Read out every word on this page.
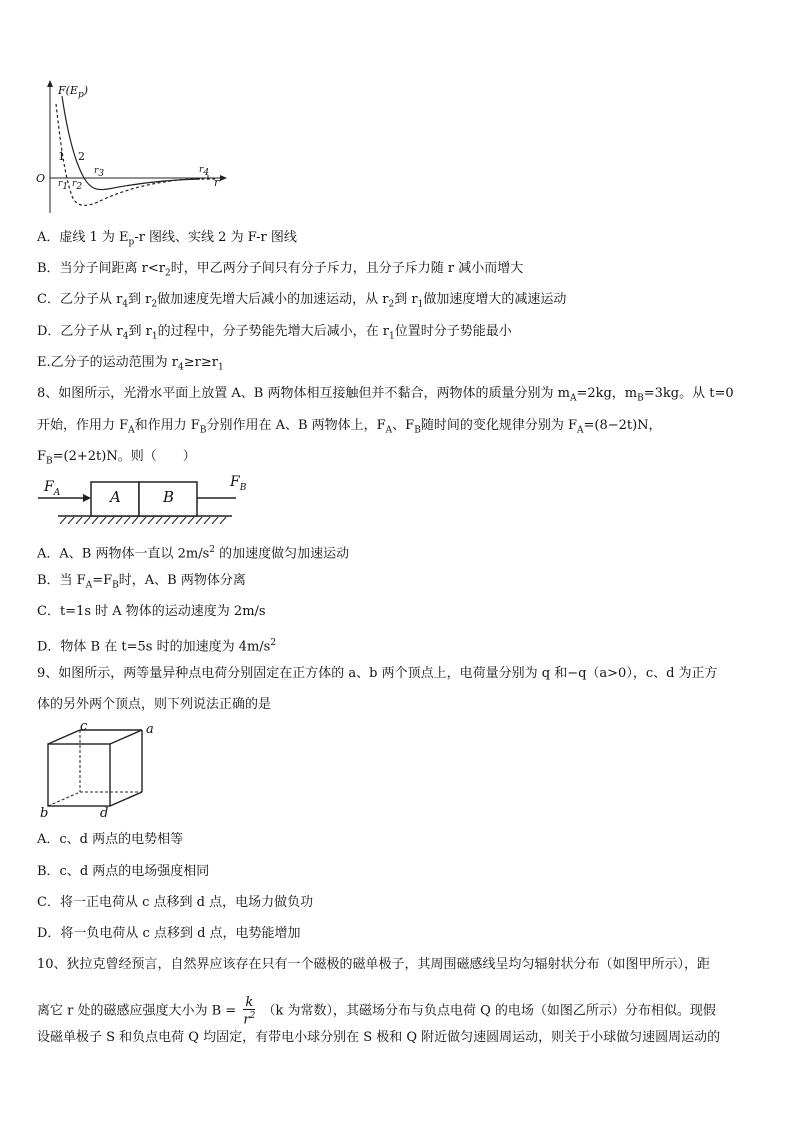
$F(E_p)$
O	r
1 2
$r_1$ $r_2$
$r_3$	$r_4$
A．虚线 1 为 $E_p-r$ 图线、实线 2 为 F-r 图线
B．当分子间距离 $r<r_2$时，甲乙两分子间只有分子斥力，且分子斥力随 r 减小而增大
C．乙分子从 $r_4$到 $r_2$做加速度先增大后减小的加速运动，从 $r_2$到 $r_1$做加速度增大的减速运动
D．乙分子从 $r_4$到 $r_1$的过程中，分子势能先增大后减小，在 $r_1$位置时分子势能最小
E.乙分子的运动范围为 $r_4\ge r\ge r_1$
8、如图所示，光滑水平面上放置 A、B 两物体相互接触但并不黏合，两物体的质量分别为 $m_A=2kg$，$m_B=3kg$。从 t=0
开始，作用力 $F_A$和作用力 $F_B$分别作用在 A、B 两物体上，$F_A$、$F_B$随时间的变化规律分别为 $F_A=(8-2t)N$，
$F_B=(2+2t)N$。则（　　）
$F_A$
$F_B$
A	B
A．A、B 两物体一直以 $2m/s^2$ 的加速度做匀加速运动
B．当 $F_A=F_B$时，A、B 两物体分离
C．t=1s 时 A 物体的运动速度为 2m/s
D．物体 B 在 t=5s 时的加速度为 $4m/s^2$
9、如图所示，两等量异种点电荷分别固定在正方体的 a、b 两个顶点上，电荷量分别为 q 和−q（a>0），c、d 为正方
体的另外两个顶点，则下列说法正确的是
c	a
b	d
A．c、d 两点的电势相等
B．c、d 两点的电场强度相同
C．将一正电荷从 c 点移到 d 点，电场力做负功
D．将一负电荷从 c 点移到 d 点，电势能增加
10、狄拉克曾经预言，自然界应该存在只有一个磁极的磁单极子，其周围磁感线呈均匀辐射状分布（如图甲所示），距
离它 r 处的磁感应强度大小为 $B = \frac{k}{r^2} (k$ 为常数），其磁场分布与负点电荷 Q 的电场（如图乙所示）分布相似。现假
设磁单极子 S 和负点电荷 Q 均固定，有带电小球分别在 S 极和 Q 附近做匀速圆周运动，则关于小球做匀速圆周运动的
